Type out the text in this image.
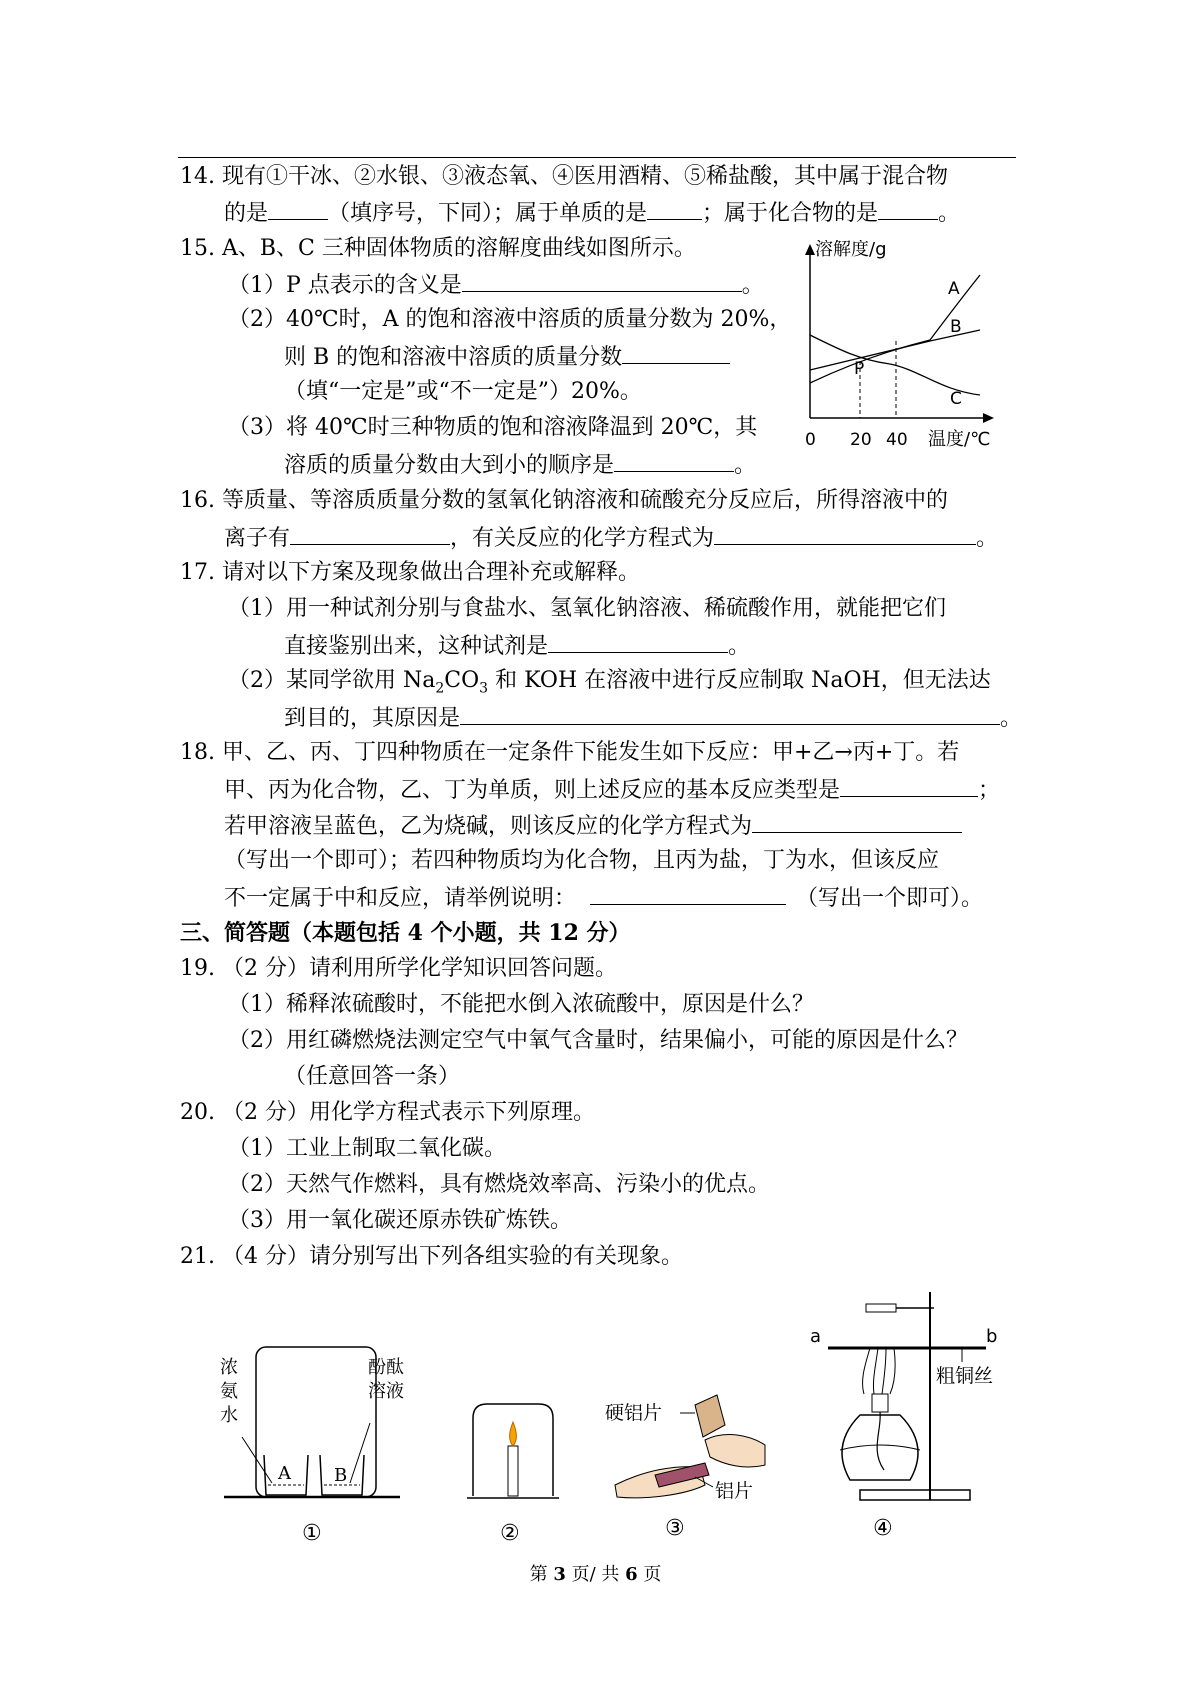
14. 现有①干冰、②水银、③液态氧、④医用酒精、⑤稀盐酸，其中属于混合物
的是	（填序号，下同）；属于单质的是	；属于化合物的是	。
15. A、B、C 三种固体物质的溶解度曲线如图所示。
（1）P 点表示的含义是	。
（2）40℃时，A 的饱和溶液中溶质的质量分数为 20%，
则 B 的饱和溶液中溶质的质量分数
（填“一定是”或“不一定是”）20%。
（3）将 40℃时三种物质的饱和溶液降温到 20℃，其
溶质的质量分数由大到小的顺序是	。
溶解度/g
温度/℃
0 20 40
A
B
C
P
16. 等质量、等溶质质量分数的氢氧化钠溶液和硫酸充分反应后，所得溶液中的
离子有	，有关反应的化学方程式为	。
17. 请对以下方案及现象做出合理补充或解释。
（1）用一种试剂分别与食盐水、氢氧化钠溶液、稀硫酸作用，就能把它们
直接鉴别出来，这种试剂是	。
（2）某同学欲用 $Na_2CO_3$ 和 KOH 在溶液中进行反应制取 NaOH，但无法达
到目的，其原因是	。
18. 甲、乙、丙、丁四种物质在一定条件下能发生如下反应：甲+乙→丙+丁。若
甲、丙为化合物，乙、丁为单质，则上述反应的基本反应类型是	；
若甲溶液呈蓝色，乙为烧碱，则该反应的化学方程式为
（写出一个即可）；若四种物质均为化合物，且丙为盐，丁为水，但该反应
不一定属于中和反应，请举例说明：	（写出一个即可）。
三、简答题（本题包括 4 个小题，共 12 分）
19. （2 分）请利用所学化学知识回答问题。
（1）稀释浓硫酸时，不能把水倒入浓硫酸中，原因是什么？
（2）用红磷燃烧法测定空气中氧气含量时，结果偏小，可能的原因是什么？
（任意回答一条）
20. （2 分）用化学方程式表示下列原理。
（1）工业上制取二氧化碳。
（2）天然气作燃料，具有燃烧效率高、污染小的优点。
（3）用一氧化碳还原赤铁矿炼铁。
21. （4 分）请分别写出下列各组实验的有关现象。
浓
氨
水
酚酞
溶液
A B
①	②
硬铝片
铝片
③
a	b
粗铜丝
④
第 3 页/ 共 6 页
